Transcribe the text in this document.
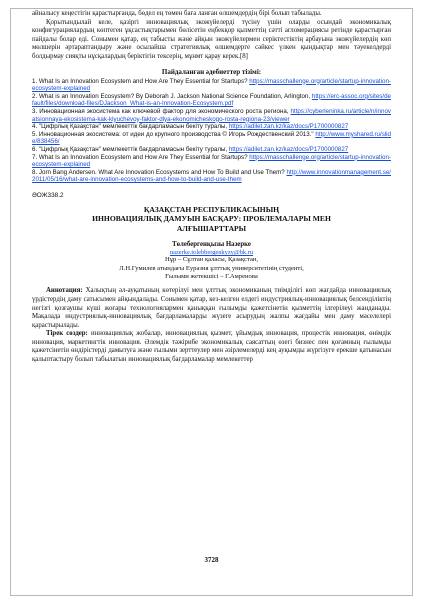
айналысу кеңестігін қарастырғанда, бөдел ең төмен баға ланған өлшемдердің бірі болып табылады.

Қорытындылай келе, қазіргі инновациялық экожүйелерді түсіну үшін оларды осындай экономикалық конфигурациялардың көптеген ұқсастықтарымен бөлісетін еңбекқор қызметтің сәтті агломерациясы ретінде қарастырған пайдалы болар еді. Сонымен қатар, ең табысты және айқын экожүйелермен серіктестіктің арбауына экожүйелердің көп мөлшерін әртараптандыру және осылайша стратегиялық өлшемдерге сәйкес үлкен қындықтар мен тәуекелдерді болдырмау сияқты нұсқалардың беріктігін тексерің, мұнмт қарау керек.[8]

Пайдаланған әдебиеттер тізімі:

1. What Is an Innovation Ecosystem and How Are They Essential for Startups? https://masschallenge.org/article/startup-innovation-ecosystem-explained

2. What is an Innovation Ecosystem? By Deborah J. Jackson National Science Foundation, Arlington, https://erc-assoc.org/sites/default/files/download-files/DJackson_What-is-an-Innovation-Ecosystem.pdf

3. Инновационная экосистема как ключевой фактор для экономического роста региона, https://cyberleninka.ru/article/n/innovatsionnaya-ekosistema-kak-klyuchevoy-faktor-dlya-ekonomicheskogo-rosta-regiona-23/viewer

4. "Цифрлық Қазақстан" мемлекеттік бағдарламасын бекіту туралы, https://adilet.zan.kz/kaz/docs/P1700000827

5. Инновационная экосистема: от идеи до крупного производства © Игорь Рождественский 2013." http://www.myshared.ru/slide/838456/

6. "Цифрлық Қазақстан" мемлекеттік бағдарламасын бекіту туралы, https://adilet.zan.kz/kaz/docs/P1700000827

7. What Is an Innovation Ecosystem and How Are They Essential for Startups? https://masschallenge.org/article/startup-innovation-ecosystem-explained

8. Jorn Bang Andersen. What Are Innovation Ecosystems and How To Build and Use Them? http://www.innovationmanagement.se/2011/05/16/what-are-innovation-ecosystems-and-how-to-build-and-use-them

ӘОЖ338.2

ҚАЗАҚСТАН РЕСПУБЛИКАСЫНЫҢ
ИННОВАЦИЯЛЫҚ ДАМУЫН БАСҚАРУ: ПРОБЛЕМАЛАРЫ МЕН
АЛҒЫШАРТТАРЫ

Төлебергенқызы Назерке

nazerke.tolebbergenkyzy@bk.ru

Нұр – Сұлтан қаласы, Қазақстан,
Л.Н.Гумилев атындағы Еуразия ұлттық университетінің студенті,
Ғылыми жетекшісі – Г.Амренова

Аннотация: Халықтың әл-ауқатының көтерілуі мен ұлттық экономиканың тиімділігі көп жағдайда инновациялық үрдістердің даму сатысымен айқындалады. Сонымен қатар, кез-келген елдегі индустриялық-инновациялық белсенділіктің негізгі қозғаушы күші жоғары технологиялармен қаныққан ғылымды қажетсінетін қызметтің ілгерілеуі жанданады. Мақалада индустриялық-инновациялық бағдарламаларды жүзеге асырудың жалпы жағдайы мен даму мәселелері қарастырылады.

Тірек сөздер: инновациялық жобалар, инновациялық қызмет, ұйымдық инновация, процестік инновация, өнімдік инновация, маркетингтік инновация. Әлемдік тәжірибе экономикалық саясаттың өзегі бизнес пен қоғамның ғылымды қажетсінетін өндірістерді дамытуға және ғылыми зерттеулер мен әзірлемелерді кең ауқымды жүргізуге ерекше қатынасын қалыптастыру болып табылатын инновациялық бағдарламалар мемлекеттер

3728
